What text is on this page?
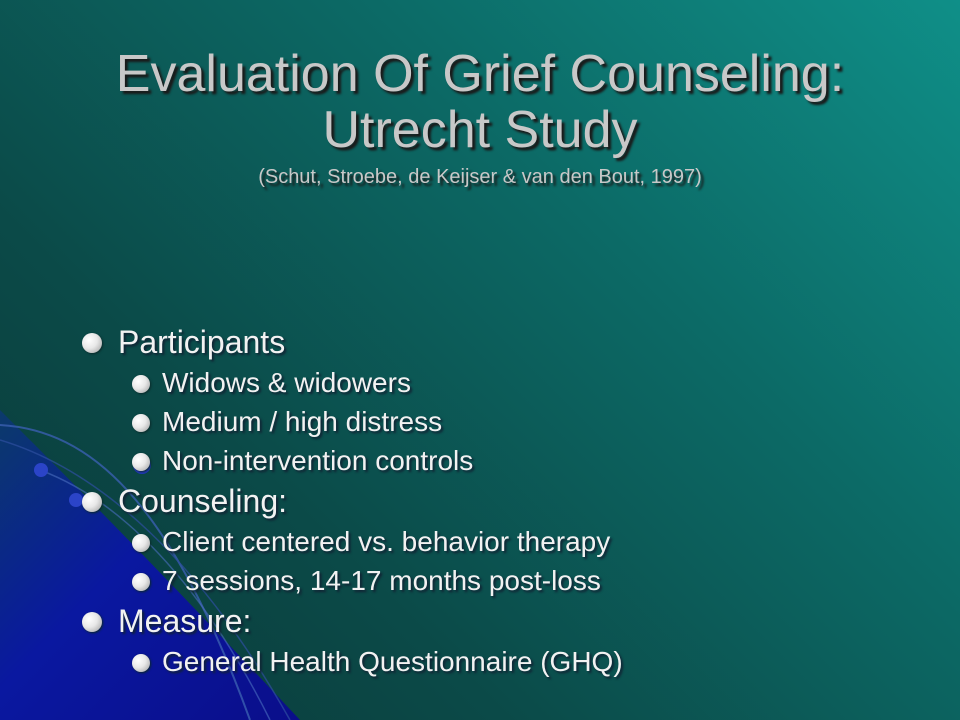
Evaluation Of Grief Counseling:
Utrecht Study
(Schut, Stroebe, de Keijser & van den Bout, 1997)
Participants
Widows & widowers
Medium / high distress
Non-intervention controls
Counseling:
Client centered vs. behavior therapy
7 sessions, 14-17 months post-loss
Measure:
General Health Questionnaire (GHQ)
